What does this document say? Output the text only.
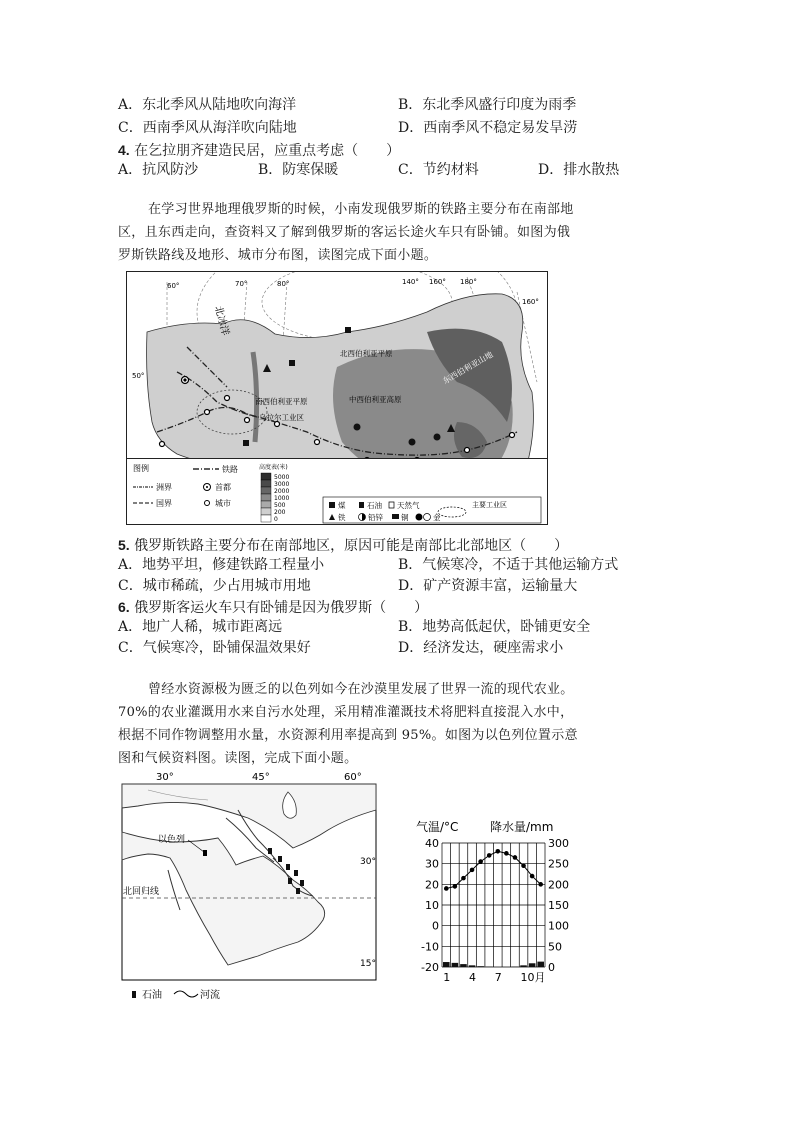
A．东北季风从陆地吹向海洋	B．东北季风盛行印度为雨季
C．西南季风从海洋吹向陆地	D．西南季风不稳定易发旱涝
4. 在乞拉朋齐建造民居，应重点考虑（　　）
A．抗风防沙	B．防寒保暖	C．节约材料	D．排水散热
在学习世界地理俄罗斯的时候，小南发现俄罗斯的铁路主要分布在南部地
区，且东西走向，查资料又了解到俄罗斯的客运长途火车只有卧铺。如图为俄
罗斯铁路线及地形、城市分布图，读图完成下面小题。
北冰洋
60°	70°	80°	140° 160° 180°
160°
50°
北西伯利亚平原
南西伯利亚平原	中西伯利亚高原
乌拉尔工业区
东西伯利亚山地
图例	铁路
洲界	首都
国界	城市
高度表(米)
5000
3000
2000
1000
500
200
0
煤	石油 天然气	主要工业区
铁	铅锌 铜	金
5. 俄罗斯铁路主要分布在南部地区，原因可能是南部比北部地区（　　）
A．地势平坦，修建铁路工程量小	B．气候寒冷，不适于其他运输方式
C．城市稀疏，少占用城市用地	D．矿产资源丰富，运输量大
6. 俄罗斯客运火车只有卧铺是因为俄罗斯（　　）
A．地广人稀，城市距离远	B．地势高低起伏，卧铺更安全
C．气候寒冷，卧铺保温效果好	D．经济发达，硬座需求小
曾经水资源极为匮乏的以色列如今在沙漠里发展了世界一流的现代农业。
70%的农业灌溉用水来自污水处理，采用精准灌溉技术将肥料直接混入水中，
根据不同作物调整用水量，水资源利用率提高到 95%。如图为以色列位置示意
图和气候资料图。读图，完成下面小题。
30°	45°	60°
北回归线
以色列
30°
15°
石油	河流
气温/°C	降水量/mm
40	300
30	250
20	200
10	150
0	100
-10	50
-20	0
1 4 7 10月
